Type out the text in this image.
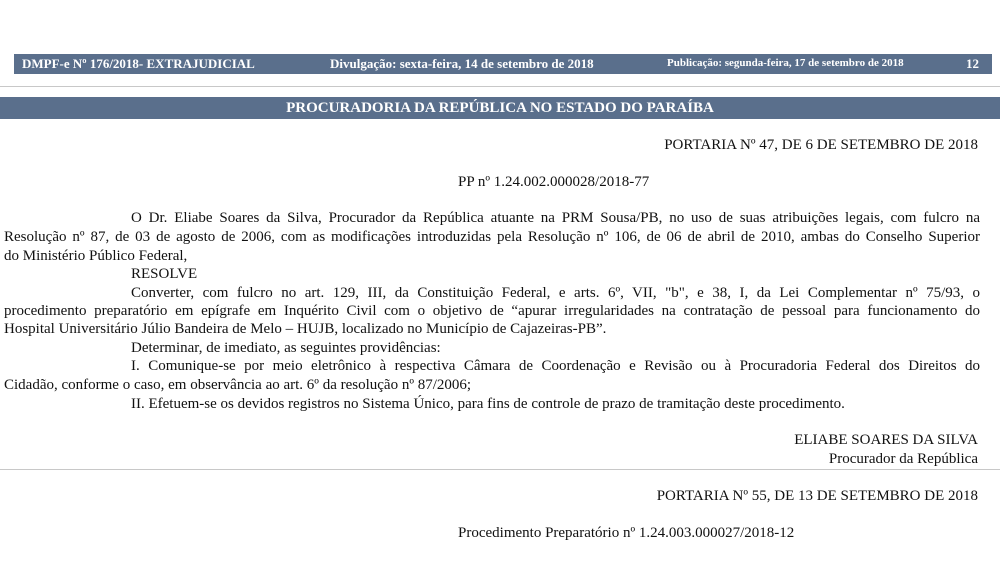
DMPF-e Nº 176/2018- EXTRAJUDICIAL	Divulgação: sexta-feira, 14 de setembro de 2018	Publicação: segunda-feira, 17 de setembro de 2018	12
PROCURADORIA DA REPÚBLICA NO ESTADO DO PARAÍBA
PORTARIA Nº 47, DE 6 DE SETEMBRO DE 2018
PP nº 1.24.002.000028/2018-77
O Dr. Eliabe Soares da Silva, Procurador da República atuante na PRM Sousa/PB, no uso de suas atribuições legais, com fulcro na
Resolução nº 87, de 03 de agosto de 2006, com as modificações introduzidas pela Resolução nº 106, de 06 de abril de 2010, ambas do Conselho Superior
do Ministério Público Federal,
RESOLVE
Converter, com fulcro no art. 129, III, da Constituição Federal, e arts. 6º, VII, "b", e 38, I, da Lei Complementar nº 75/93, o
procedimento preparatório em epígrafe em Inquérito Civil com o objetivo de “apurar irregularidades na contratação de pessoal para funcionamento do
Hospital Universitário Júlio Bandeira de Melo – HUJB, localizado no Município de Cajazeiras-PB”.
Determinar, de imediato, as seguintes providências:
I. Comunique-se por meio eletrônico à respectiva Câmara de Coordenação e Revisão ou à Procuradoria Federal dos Direitos do
Cidadão, conforme o caso, em observância ao art. 6º da resolução nº 87/2006;
II. Efetuem-se os devidos registros no Sistema Único, para fins de controle de prazo de tramitação deste procedimento.
ELIABE SOARES DA SILVA
Procurador da República
PORTARIA Nº 55, DE 13 DE SETEMBRO DE 2018
Procedimento Preparatório nº 1.24.003.000027/2018-12
